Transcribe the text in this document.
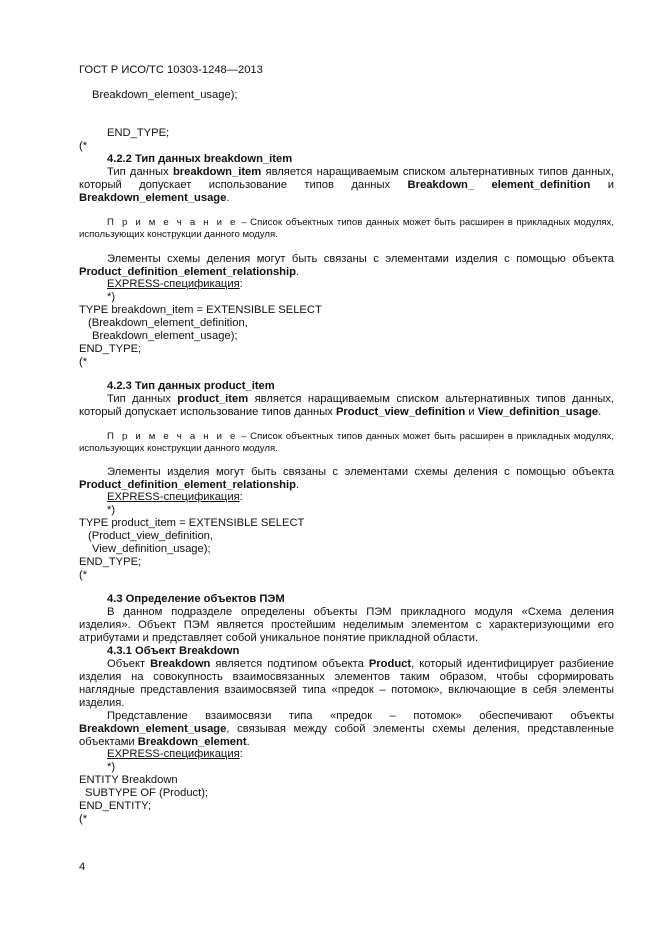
ГОСТ Р ИСО/ТС 10303-1248—2013
Breakdown_element_usage);
END_TYPE;
(*
4.2.2 Тип данных breakdown_item
Тип данных breakdown_item является наращиваемым списком альтернативных типов данных,
который допускает использование типов данных Breakdown_ element_definition и
Breakdown_element_usage.
П р и м е ч а н и е – Список объектных типов данных может быть расширен в прикладных модулях,
использующих конструкции данного модуля.
Элементы схемы деления могут быть связаны с элементами изделия с помощью объекта
Product_definition_element_relationship.
EXPRESS-спецификация:
*)
TYPE breakdown_item = EXTENSIBLE SELECT
(Breakdown_element_definition,
Breakdown_element_usage);
END_TYPE;
(*
4.2.3 Тип данных product_item
Тип данных product_item является наращиваемым списком альтернативных типов данных,
который допускает использование типов данных Product_view_definition и View_definition_usage.
П р и м е ч а н и е – Список объектных типов данных может быть расширен в прикладных модулях,
использующих конструкции данного модуля.
Элементы изделия могут быть связаны с элементами схемы деления с помощью объекта
Product_definition_element_relationship.
EXPRESS-спецификация:
*)
TYPE product_item = EXTENSIBLE SELECT
(Product_view_definition,
View_definition_usage);
END_TYPE;
(*
4.3 Определение объектов ПЭМ
В данном подразделе определены объекты ПЭМ прикладного модуля «Схема деления
изделия». Объект ПЭМ является простейшим неделимым элементом с характеризующими его
атрибутами и представляет собой уникальное понятие прикладной области.
4.3.1 Объект Breakdown
Объект Breakdown является подтипом объекта Product, который идентифицирует разбиение
изделия на совокупность взаимосвязанных элементов таким образом, чтобы сформировать
наглядные представления взаимосвязей типа «предок – потомок», включающие в себя элементы
изделия.
Представление взаимосвязи типа «предок – потомок» обеспечивают объекты
Breakdown_element_usage, связывая между собой элементы схемы деления, представленные
объектами Breakdown_element.
EXPRESS-спецификация:
*)
ENTITY Breakdown
SUBTYPE OF (Product);
END_ENTITY;
(*
4
